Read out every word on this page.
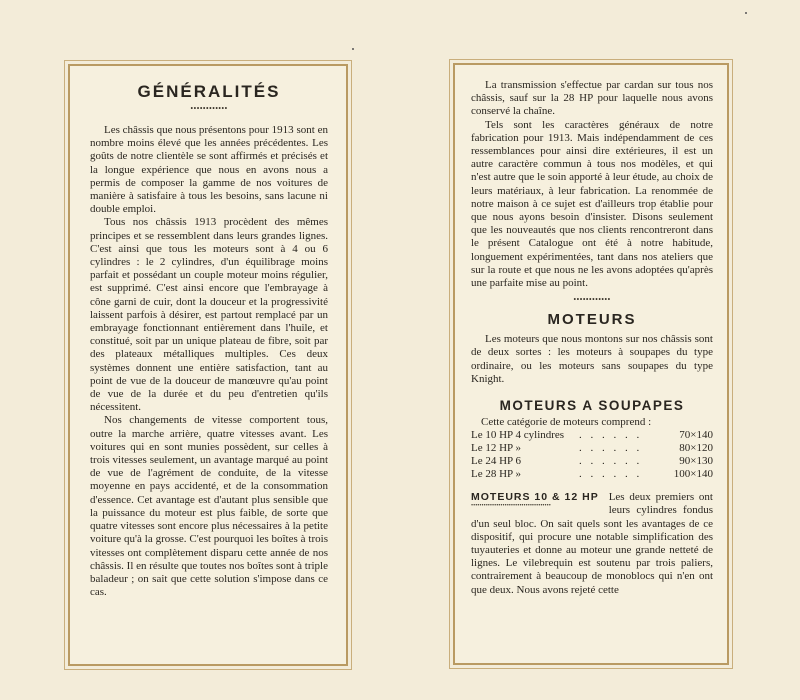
GÉNÉRALITÉS
••••••••••••

Les châssis que nous présentons pour 1913 sont en nombre moins élevé que les années précédentes. Les goûts de notre clientèle se sont affirmés et précisés et la longue expérience que nous en avons nous a permis de composer la gamme de nos voitures de manière à satisfaire à tous les besoins, sans lacune ni double emploi.

Tous nos châssis 1913 procèdent des mêmes principes et se ressemblent dans leurs grandes lignes. C'est ainsi que tous les moteurs sont à 4 ou 6 cylindres : le 2 cylindres, d'un équilibrage moins parfait et possédant un couple moteur moins régulier, est supprimé. C'est ainsi encore que l'embrayage à cône garni de cuir, dont la douceur et la progressivité laissent parfois à désirer, est partout remplacé par un embrayage fonctionnant entièrement dans l'huile, et constitué, soit par un unique plateau de fibre, soit par des plateaux métalliques multiples. Ces deux systèmes donnent une entière satisfaction, tant au point de vue de la douceur de manœuvre qu'au point de vue de la durée et du peu d'entretien qu'ils nécessitent.

Nos changements de vitesse comportent tous, outre la marche arrière, quatre vitesses avant. Les voitures qui en sont munies possèdent, sur celles à trois vitesses seulement, un avantage marqué au point de vue de l'agrément de conduite, de la vitesse moyenne en pays accidenté, et de la consommation d'essence. Cet avantage est d'autant plus sensible que la puissance du moteur est plus faible, de sorte que quatre vitesses sont encore plus nécessaires à la petite voiture qu'à la grosse. C'est pourquoi les boîtes à trois vitesses ont complètement disparu cette année de nos châssis. Il en résulte que toutes nos boîtes sont à triple baladeur ; on sait que cette solution s'impose dans ce cas.

La transmission s'effectue par cardan sur tous nos châssis, sauf sur la 28 HP pour laquelle nous avons conservé la chaîne.

Tels sont les caractères généraux de notre fabrication pour 1913. Mais indépendamment de ces ressemblances pour ainsi dire extérieures, il est un autre caractère commun à tous nos modèles, et qui n'est autre que le soin apporté à leur étude, au choix de leurs matériaux, à leur fabrication. La renommée de notre maison à ce sujet est d'ailleurs trop établie pour que nous ayons besoin d'insister. Disons seulement que les nouveautés que nos clients rencontreront dans le présent Catalogue ont été à notre habitude, longuement expérimentées, tant dans nos ateliers que sur la route et que nous ne les avons adoptées qu'après une parfaite mise au point.

••••••••••••
MOTEURS

Les moteurs que nous montons sur nos châssis sont de deux sortes : les moteurs à soupapes du type ordinaire, ou les moteurs sans soupapes du type Knight.

MOTEURS A SOUPAPES

Cette catégorie de moteurs comprend :

Le 10 HP 4 cylindres	. . . . . .	70×140
Le 12 HP »	. . . . . .	80×120
Le 24 HP 6	. . . . . .	90×130
Le 28 HP »	. . . . . .	100×140
MOTEURS 10 & 12 HP
••••••••••••••••••••••••••••••••••••••

Les deux premiers ont leurs cylindres fondus d'un seul bloc. On sait quels sont les avantages de ce dispositif, qui procure une notable simplification des tuyauteries et donne au moteur une grande netteté de lignes. Le vilebrequin est soutenu par trois paliers, contrairement à beaucoup de monoblocs qui n'en ont que deux. Nous avons rejeté cette
